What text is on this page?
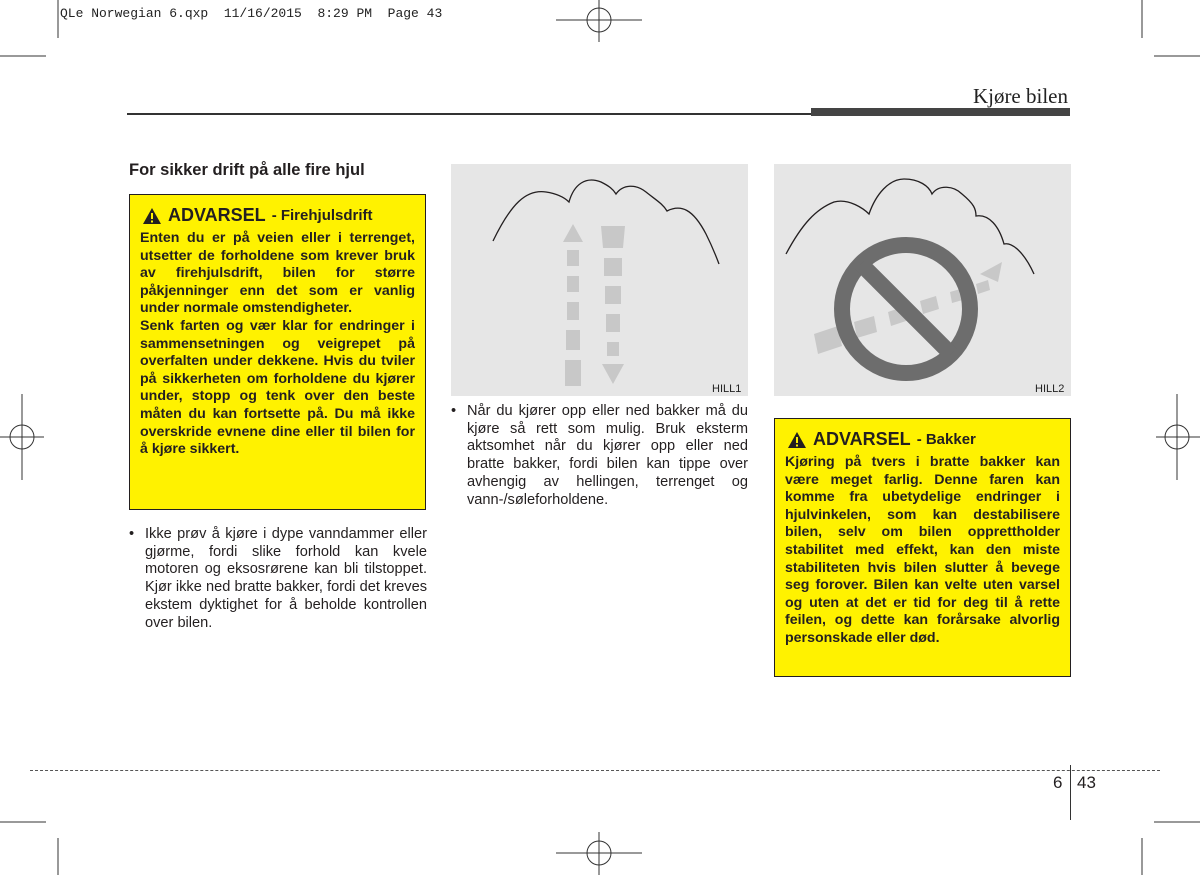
QLe Norwegian 6.qxp  11/16/2015  8:29 PM  Page 43
Kjøre bilen
For sikker drift på alle fire hjul
ADVARSEL - Firehjulsdrift

Enten du er på veien eller i terrenget, utsetter de forholdene som krever bruk av firehjulsdrift, bilen for større påkjenninger enn det som er vanlig under normale omstendigheter.

Senk farten og vær klar for endringer i sammensetningen og veigrepet på overfalten under dekkene. Hvis du tviler på sikkerheten om forholdene du kjører under, stopp og tenk over den beste måten du kan fortsette på. Du må ikke overskride evnene dine eller til bilen for å kjøre sikkert.

• Ikke prøv å kjøre i dype vanndammer eller gjørme, fordi slike forhold kan kvele motoren og eksosrørene kan bli tilstoppet. Kjør ikke ned bratte bakker, fordi det kreves ekstem dyktighet for å beholde kontrollen over bilen.
HILL1
• Når du kjører opp eller ned bakker må du kjøre så rett som mulig. Bruk eksterm aktsomhet når du kjører opp eller ned bratte bakker, fordi bilen kan tippe over avhengig av hellingen, terrenget og vann-/søleforholdene.
HILL2
ADVARSEL - Bakker

Kjøring på tvers i bratte bakker kan være meget farlig. Denne faren kan komme fra ubetydelige endringer i hjulvinkelen, som kan destabilisere bilen, selv om bilen opprettholder stabilitet med effekt, kan den miste stabiliteten hvis bilen slutter å bevege seg forover. Bilen kan velte uten varsel og uten at det er tid for deg til å rette feilen, og dette kan forårsake alvorlig personskade eller død.

6 43
